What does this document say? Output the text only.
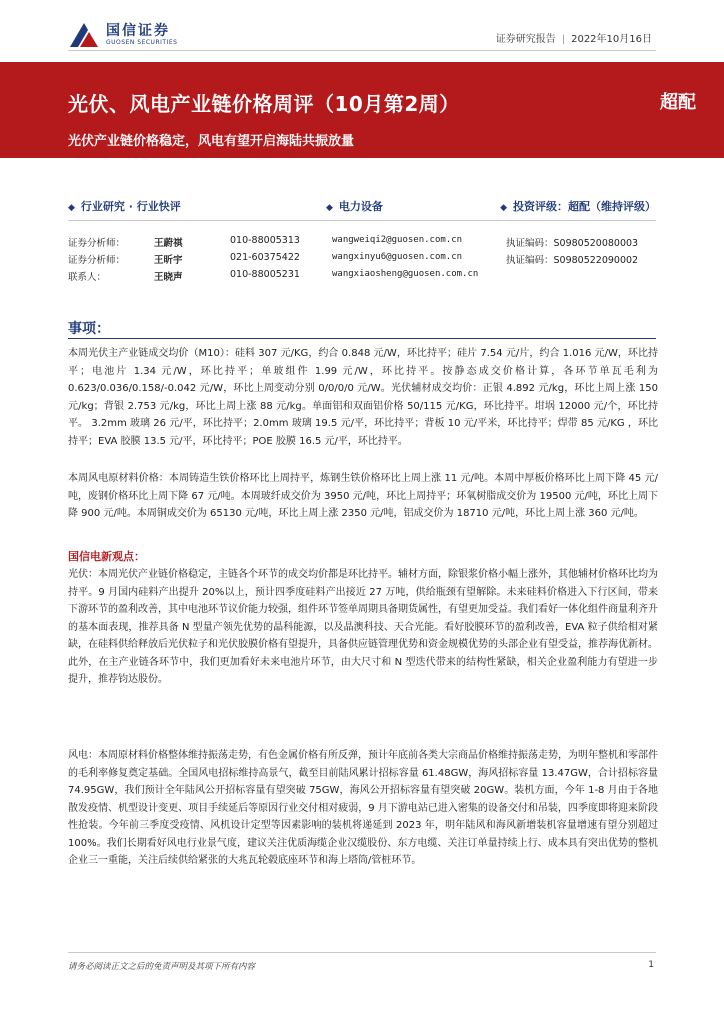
国信证券
GUOSEN SECURITIES	证券研究报告 | 2022年10月16日
光伏、风电产业链价格周评（10月第2周）
光伏产业链价格稳定，风电有望开启海陆共振放量
超配
◆ 行业研究 · 行业快评	◆ 电力设备	◆ 投资评级：超配（维持评级）
证券分析师：	王蔚祺	010-88005313	wangweiqi2@guosen.com.cn	执证编码：S0980520080003
证券分析师：	王昕宇	021-60375422	wangxinyu6@guosen.com.cn	执证编码：S0980522090002
联系人：	王晓声	010-88005231	wangxiaosheng@guosen.com.cn
事项：

本周光伏主产业链成交均价（M10）：硅料 307 元/KG，约合 0.848 元/W，环比持平；硅片 7.54 元/片，约合 1.016 元/W，环比持平；电池片 1.34 元/W，环比持平；单玻组件 1.99 元/W，环比持平。按静态成交价格计算，各环节单瓦毛利为 0.623/0.036/0.158/-0.042 元/W，环比上周变动分别 0/0/0/0 元/W。光伏辅材成交均价：正银 4.892 元/kg，环比上周上涨 150 元/kg；背银 2.753 元/kg，环比上周上涨 88 元/kg。单面铝和双面铝价格 50/115 元/KG，环比持平。坩埚 12000 元/个，环比持平。 3.2mm 玻璃 26 元/平，环比持平；2.0mm 玻璃 19.5 元/平，环比持平；背板 10 元/平米，环比持平；焊带 85 元/KG ，环比持平；EVA 胶膜 13.5 元/平，环比持平；POE 胶膜 16.5 元/平，环比持平。

本周风电原材料价格：本周铸造生铁价格环比上周持平，炼钢生铁价格环比上周上涨 11 元/吨。本周中厚板价格环比上周下降 45 元/吨，废钢价格环比上周下降 67 元/吨。本周玻纤成交价为 3950 元/吨，环比上周持平；环氧树脂成交价为 19500 元/吨，环比上周下降 900 元/吨。本周铜成交价为 65130 元/吨，环比上周上涨 2350 元/吨，铝成交价为 18710 元/吨，环比上周上涨 360 元/吨。

国信电新观点：

光伏：本周光伏产业链价格稳定，主链各个环节的成交均价都是环比持平。辅材方面，除银浆价格小幅上涨外，其他辅材价格环比均为持平。9 月国内硅料产出提升 20%以上，预计四季度硅料产出接近 27 万吨，供给瓶颈有望解除。未来硅料价格进入下行区间，带来下游环节的盈利改善，其中电池环节议价能力较强，组件环节签单周期具备期货属性，有望更加受益。我们看好一体化组件商量利齐升的基本面表现，推荐具备 N 型量产领先优势的晶科能源，以及晶澳科技、天合光能。看好胶膜环节的盈利改善，EVA 粒子供给相对紧缺，在硅料供给释放后光伏粒子和光伏胶膜价格有望提升，具备供应链管理优势和资金规模优势的头部企业有望受益，推荐海优新材。此外，在主产业链各环节中，我们更加看好未来电池片环节，由大尺寸和 N 型迭代带来的结构性紧缺，相关企业盈利能力有望进一步提升，推荐钧达股份。

风电：本周原材料价格整体维持振荡走势，有色金属价格有所反弹，预计年底前各类大宗商品价格维持振荡走势，为明年整机和零部件的毛利率修复奠定基础。全国风电招标维持高景气，截至目前陆风累计招标容量 61.48GW，海风招标容量 13.47GW，合计招标容量 74.95GW，我们预计全年陆风公开招标容量有望突破 75GW，海风公开招标容量有望突破 20GW。装机方面，今年 1-8 月由于各地散发疫情、机型设计变更、项目手续延后等原因行业交付相对疲弱，9 月下游电站已进入密集的设备交付和吊装，四季度即将迎来阶段性抢装。今年前三季度受疫情、风机设计定型等因素影响的装机将递延到 2023 年，明年陆风和海风新增装机容量增速有望分别超过 100%。我们长期看好风电行业景气度，建议关注优质海缆企业汉缆股份、东方电缆、关注订单量持续上行、成本具有突出优势的整机企业三一重能，关注后续供给紧张的大兆瓦轮毂底座环节和海上塔筒/管桩环节。

请务必阅读正文之后的免责声明及其项下所有内容	1
